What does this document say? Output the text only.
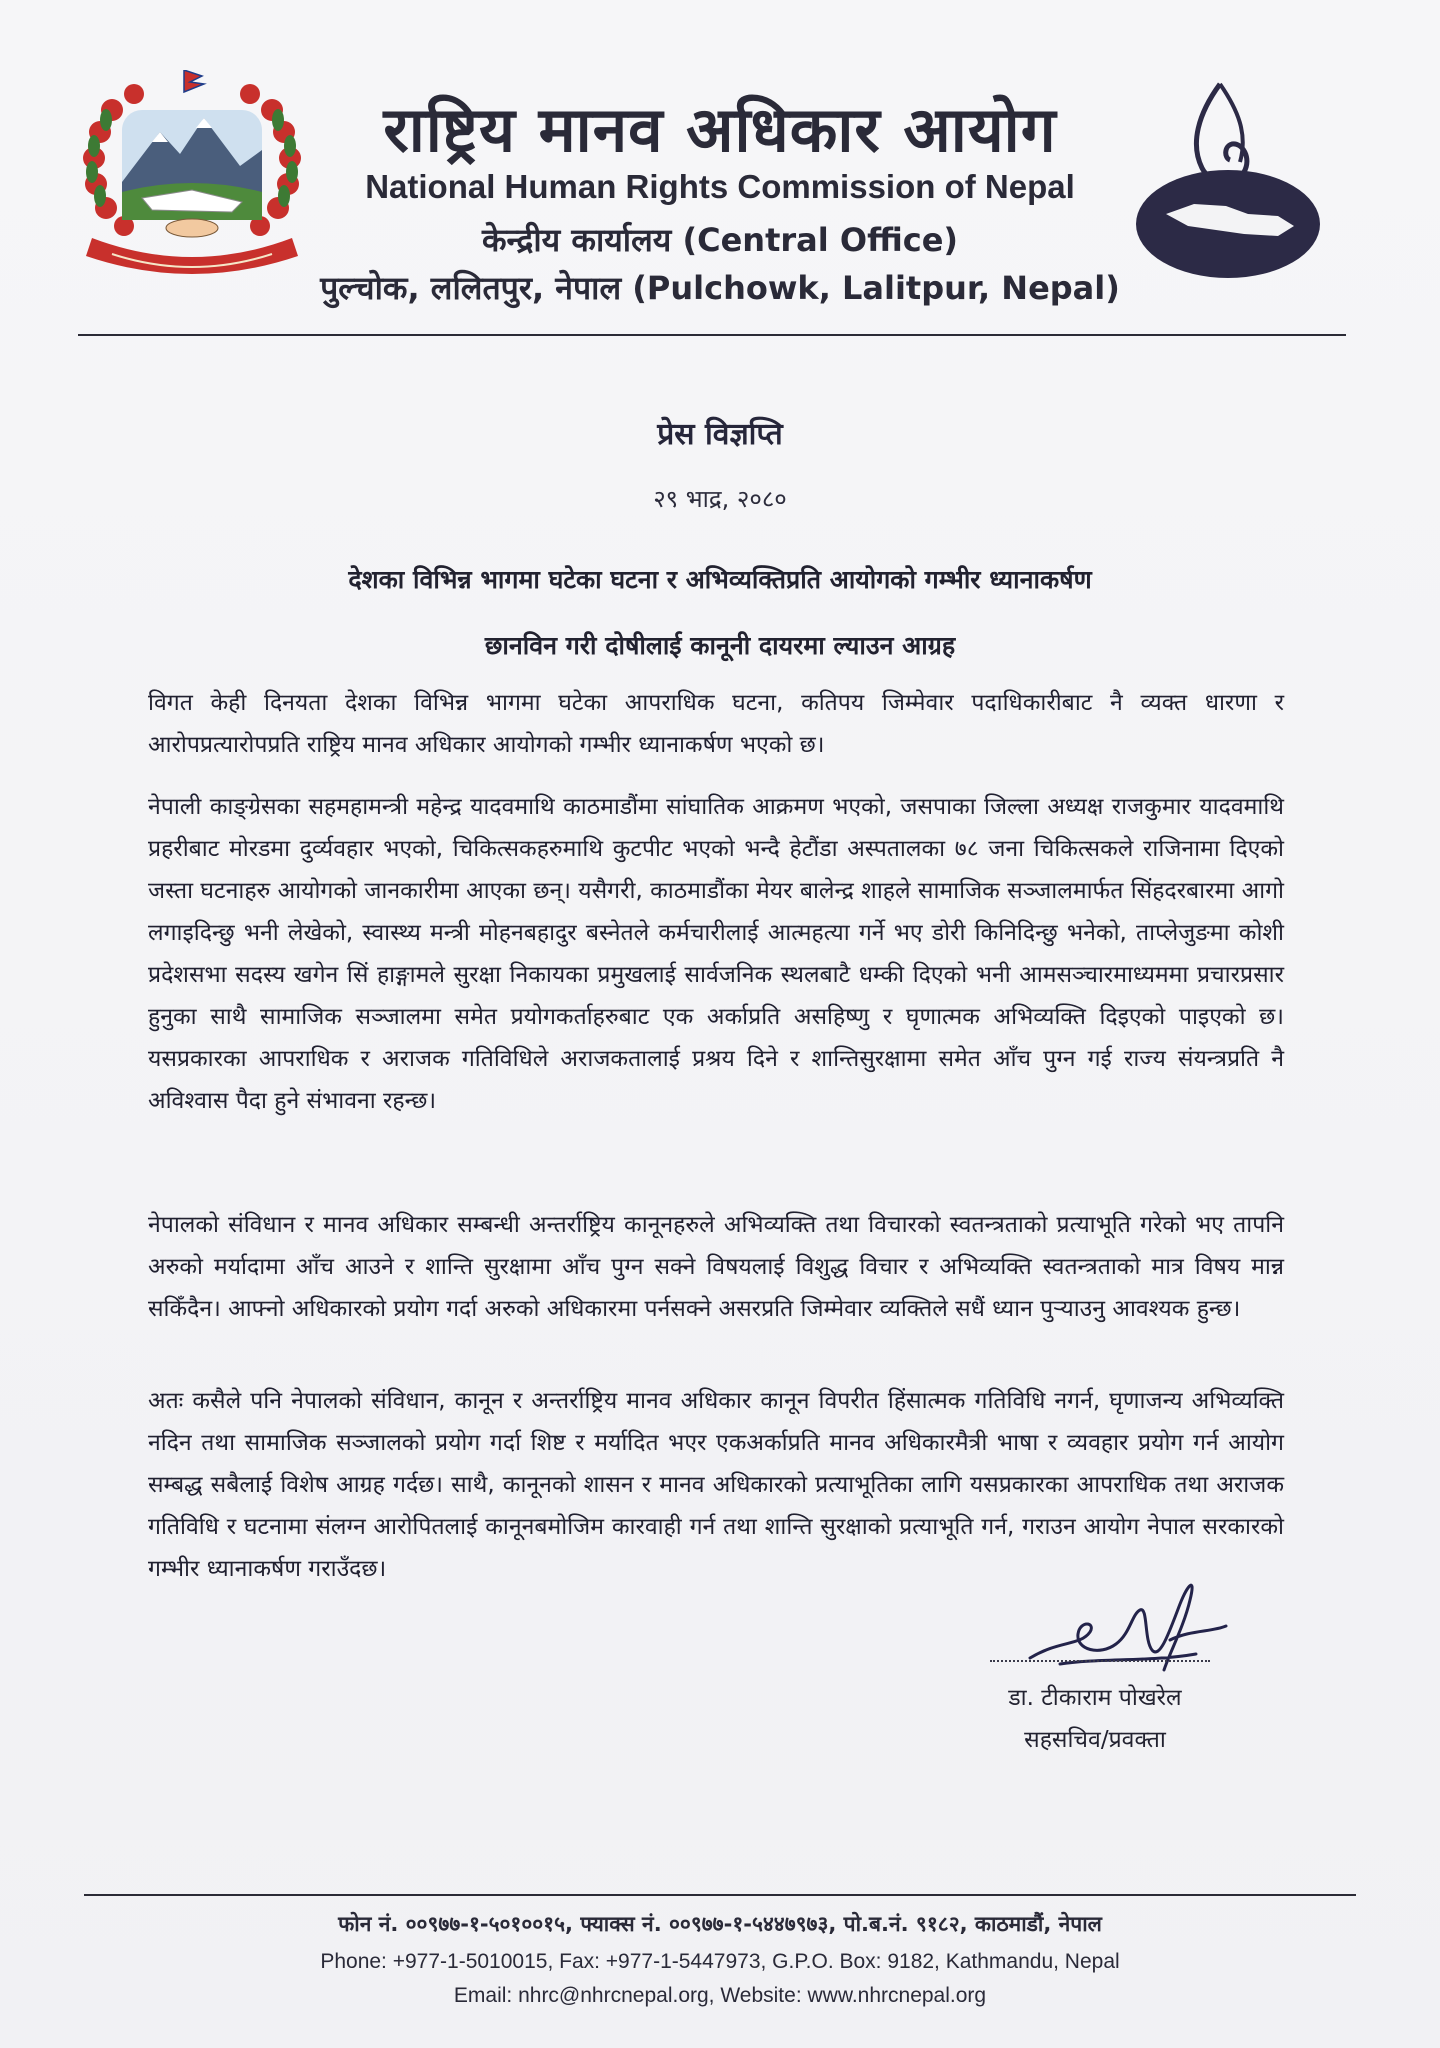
राष्ट्रिय मानव अधिकार आयोग
National Human Rights Commission of Nepal
केन्द्रीय कार्यालय (Central Office)
पुल्चोक, ललितपुर, नेपाल (Pulchowk, Lalitpur, Nepal)
प्रेस विज्ञप्ति
२९ भाद्र, २०८०
देशका विभिन्न भागमा घटेका घटना र अभिव्यक्तिप्रति आयोगको गम्भीर ध्यानाकर्षण
छानविन गरी दोषीलाई कानूनी दायरमा ल्याउन आग्रह

विगत केही दिनयता देशका विभिन्न भागमा घटेका आपराधिक घटना, कतिपय जिम्मेवार पदाधिकारीबाट नै व्यक्त धारणा र आरोपप्रत्यारोपप्रति राष्ट्रिय मानव अधिकार आयोगको गम्भीर ध्यानाकर्षण भएको छ।

नेपाली काङ्ग्रेसका सहमहामन्त्री महेन्द्र यादवमाथि काठमाडौंमा सांघातिक आक्रमण भएको, जसपाका जिल्ला अध्यक्ष राजकुमार यादवमाथि प्रहरीबाट मोरडमा दुर्व्यवहार भएको, चिकित्सकहरुमाथि कुटपीट भएको भन्दै हेटौंडा अस्पतालका ७८ जना चिकित्सकले राजिनामा दिएको जस्ता घटनाहरु आयोगको जानकारीमा आएका छन्। यसैगरी, काठमाडौंका मेयर बालेन्द्र शाहले सामाजिक सञ्जालमार्फत सिंहदरबारमा आगो लगाइदिन्छु भनी लेखेको, स्वास्थ्य मन्त्री मोहनबहादुर बस्नेतले कर्मचारीलाई आत्महत्या गर्ने भए डोरी किनिदिन्छु भनेको, ताप्लेजुङमा कोशी प्रदेशसभा सदस्य खगेन सिं हाङ्गामले सुरक्षा निकायका प्रमुखलाई सार्वजनिक स्थलबाटै धम्की दिएको भनी आमसञ्चारमाध्यममा प्रचारप्रसार हुनुका साथै सामाजिक सञ्जालमा समेत प्रयोगकर्ताहरुबाट एक अर्काप्रति असहिष्णु र घृणात्मक अभिव्यक्ति दिइएको पाइएको छ। यसप्रकारका आपराधिक र अराजक गतिविधिले अराजकतालाई प्रश्रय दिने र शान्तिसुरक्षामा समेत आँच पुग्न गई राज्य संयन्त्रप्रति नै अविश्वास पैदा हुने संभावना रहन्छ।

नेपालको संविधान र मानव अधिकार सम्बन्धी अन्तर्राष्ट्रिय कानूनहरुले अभिव्यक्ति तथा विचारको स्वतन्त्रताको प्रत्याभूति गरेको भए तापनि अरुको मर्यादामा आँच आउने र शान्ति सुरक्षामा आँच पुग्न सक्ने विषयलाई विशुद्ध विचार र अभिव्यक्ति स्वतन्त्रताको मात्र विषय मान्न सकिँदैन। आफ्नो अधिकारको प्रयोग गर्दा अरुको अधिकारमा पर्नसक्ने असरप्रति जिम्मेवार व्यक्तिले सधैं ध्यान पुर्‍याउनु आवश्यक हुन्छ।

अतः कसैले पनि नेपालको संविधान, कानून र अन्तर्राष्ट्रिय मानव अधिकार कानून विपरीत हिंसात्मक गतिविधि नगर्न, घृणाजन्य अभिव्यक्ति नदिन तथा सामाजिक सञ्जालको प्रयोग गर्दा शिष्ट र मर्यादित भएर एकअर्काप्रति मानव अधिकारमैत्री भाषा र व्यवहार प्रयोग गर्न आयोग सम्बद्ध सबैलाई विशेष आग्रह गर्दछ। साथै, कानूनको शासन र मानव अधिकारको प्रत्याभूतिका लागि यसप्रकारका आपराधिक तथा अराजक गतिविधि र घटनामा संलग्न आरोपितलाई कानूनबमोजिम कारवाही गर्न तथा शान्ति सुरक्षाको प्रत्याभूति गर्न, गराउन आयोग नेपाल सरकारको गम्भीर ध्यानाकर्षण गराउँदछ।

डा. टीकाराम पोखरेल
सहसचिव/प्रवक्ता
फोन नं. ००९७७-१-५०१००१५, फ्याक्स नं. ००९७७-१-५४४७९७३, पो.ब.नं. ९१८२, काठमाडौं, नेपाल
Phone: +977-1-5010015, Fax: +977-1-5447973, G.P.O. Box: 9182, Kathmandu, Nepal
Email: nhrc@nhrcnepal.org, Website: www.nhrcnepal.org
